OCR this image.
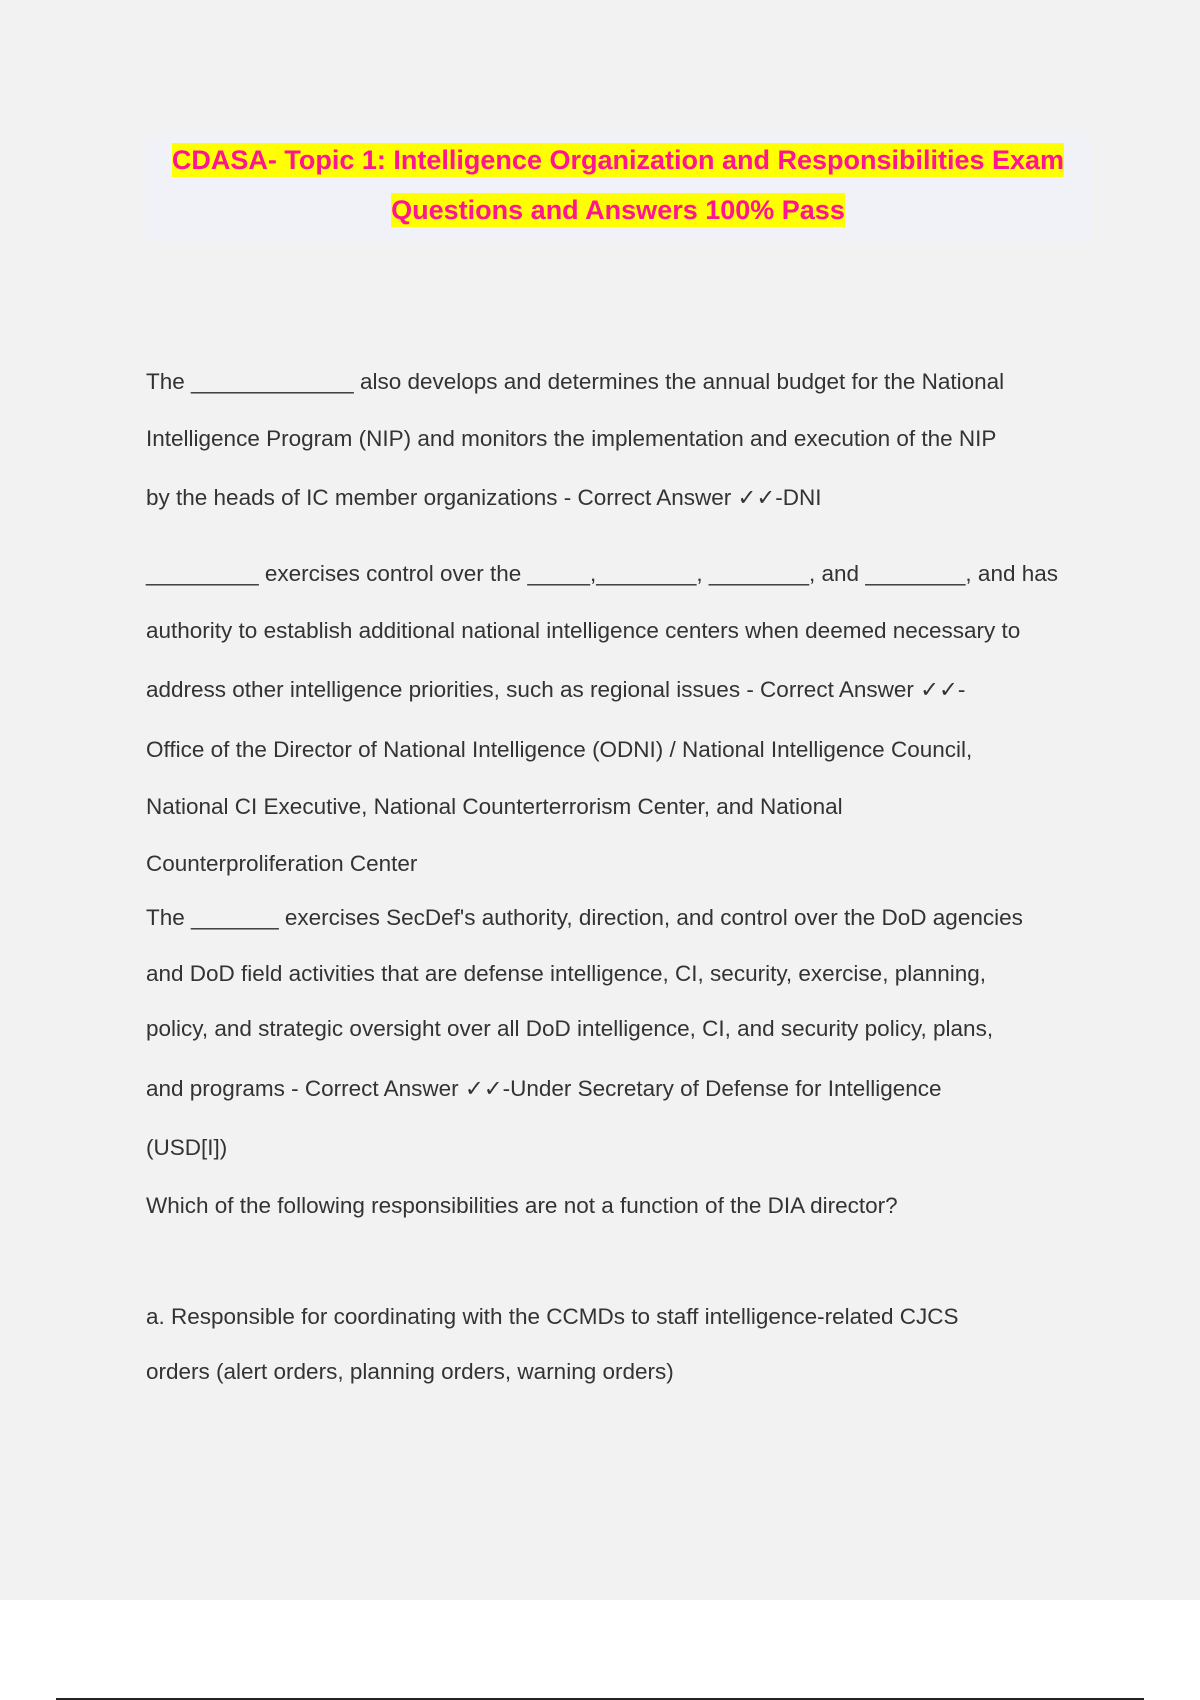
CDASA- Topic 1: Intelligence Organization and Responsibilities Exam
Questions and Answers 100% Pass
The _____________ also develops and determines the annual budget for the National
Intelligence Program (NIP) and monitors the implementation and execution of the NIP
by the heads of IC member organizations - Correct Answer ✓✓-DNI
_________ exercises control over the _____,________, ________, and ________, and has
authority to establish additional national intelligence centers when deemed necessary to
address other intelligence priorities, such as regional issues - Correct Answer ✓✓-
Office of the Director of National Intelligence (ODNI) / National Intelligence Council,
National CI Executive, National Counterterrorism Center, and National
Counterproliferation Center
The _______ exercises SecDef's authority, direction, and control over the DoD agencies
and DoD field activities that are defense intelligence, CI, security, exercise, planning,
policy, and strategic oversight over all DoD intelligence, CI, and security policy, plans,
and programs - Correct Answer ✓✓-Under Secretary of Defense for Intelligence
(USD[I])
Which of the following responsibilities are not a function of the DIA director?
a. Responsible for coordinating with the CCMDs to staff intelligence-related CJCS
orders (alert orders, planning orders, warning orders)
